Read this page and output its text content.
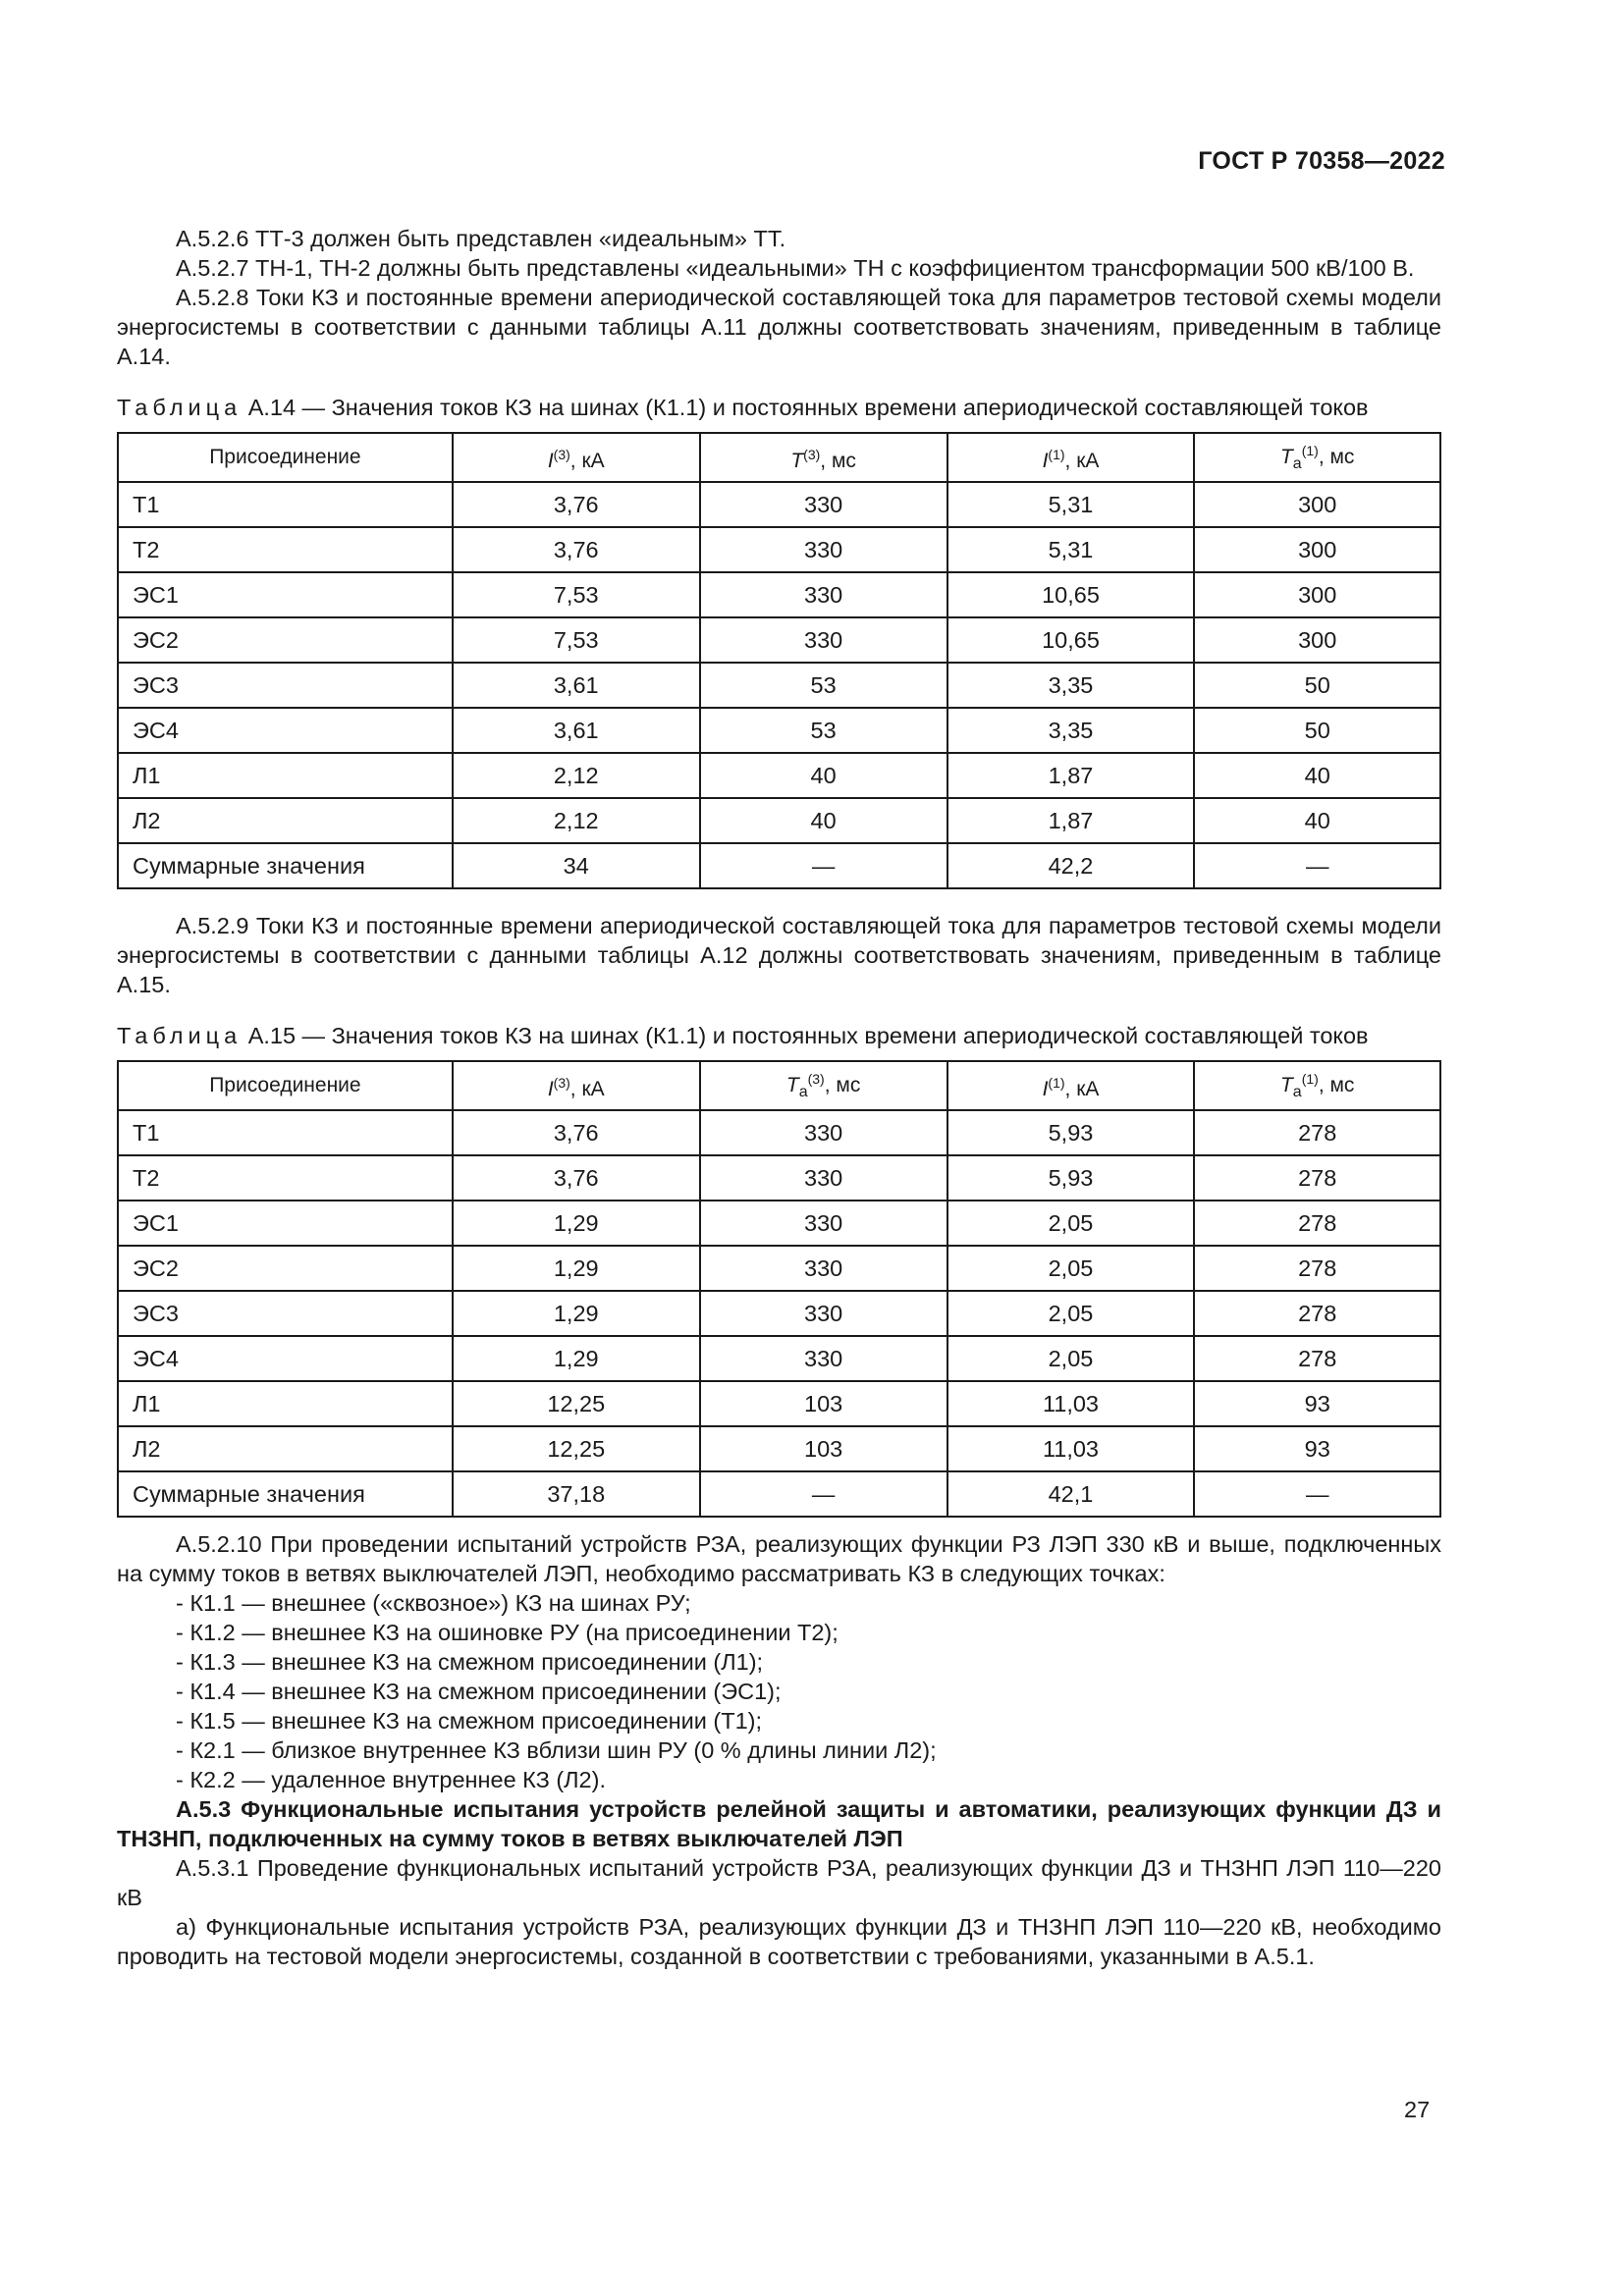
ГОСТ Р 70358—2022

А.5.2.6 ТТ-3 должен быть представлен «идеальным» ТТ.

А.5.2.7 ТН-1, ТН-2 должны быть представлены «идеальными» ТН с коэффициентом трансформации 500 кВ/100 В.

А.5.2.8 Токи КЗ и постоянные времени апериодической составляющей тока для параметров тестовой схемы модели энергосистемы в соответствии с данными таблицы А.11 должны соответствовать значениям, приведенным в таблице А.14.

Таблица А.14 — Значения токов КЗ на шинах (К1.1) и постоянных времени апериодической составляющей токов
Присоединение	$I^{(3)}$, кА	$T^{(3)}$, мс	$I^{(1)}$, кА	$T_a^{(1)}$, мс
Т1	3,76	330	5,31	300
Т2	3,76	330	5,31	300
ЭС1	7,53	330	10,65	300
ЭС2	7,53	330	10,65	300
ЭС3	3,61	53	3,35	50
ЭС4	3,61	53	3,35	50
Л1	2,12	40	1,87	40
Л2	2,12	40	1,87	40
Суммарные значения	34	—	42,2	—

А.5.2.9 Токи КЗ и постоянные времени апериодической составляющей тока для параметров тестовой схемы модели энергосистемы в соответствии с данными таблицы А.12 должны соответствовать значениям, приведенным в таблице А.15.

Таблица А.15 — Значения токов КЗ на шинах (К1.1) и постоянных времени апериодической составляющей токов
Присоединение	$I^{(3)}$, кА	$T_a^{(3)}$, мс	$I^{(1)}$, кА	$T_a^{(1)}$, мс
Т1	3,76	330	5,93	278
Т2	3,76	330	5,93	278
ЭС1	1,29	330	2,05	278
ЭС2	1,29	330	2,05	278
ЭС3	1,29	330	2,05	278
ЭС4	1,29	330	2,05	278
Л1	12,25	103	11,03	93
Л2	12,25	103	11,03	93
Суммарные значения	37,18	—	42,1	—

А.5.2.10 При проведении испытаний устройств РЗА, реализующих функции РЗ ЛЭП 330 кВ и выше, подключенных на сумму токов в ветвях выключателей ЛЭП, необходимо рассматривать КЗ в следующих точках:

- К1.1 — внешнее («сквозное») КЗ на шинах РУ;
- К1.2 — внешнее КЗ на ошиновке РУ (на присоединении Т2);
- К1.3 — внешнее КЗ на смежном присоединении (Л1);
- К1.4 — внешнее КЗ на смежном присоединении (ЭС1);
- К1.5 — внешнее КЗ на смежном присоединении (Т1);
- К2.1 — близкое внутреннее КЗ вблизи шин РУ (0 % длины линии Л2);
- К2.2 — удаленное внутреннее КЗ (Л2).

А.5.3 Функциональные испытания устройств релейной защиты и автоматики, реализующих функции ДЗ и ТНЗНП, подключенных на сумму токов в ветвях выключателей ЛЭП

А.5.3.1 Проведение функциональных испытаний устройств РЗА, реализующих функции ДЗ и ТНЗНП ЛЭП 110—220 кВ

а) Функциональные испытания устройств РЗА, реализующих функции ДЗ и ТНЗНП ЛЭП 110—220 кВ, необходимо проводить на тестовой модели энергосистемы, созданной в соответствии с требованиями, указанными в А.5.1.

27
